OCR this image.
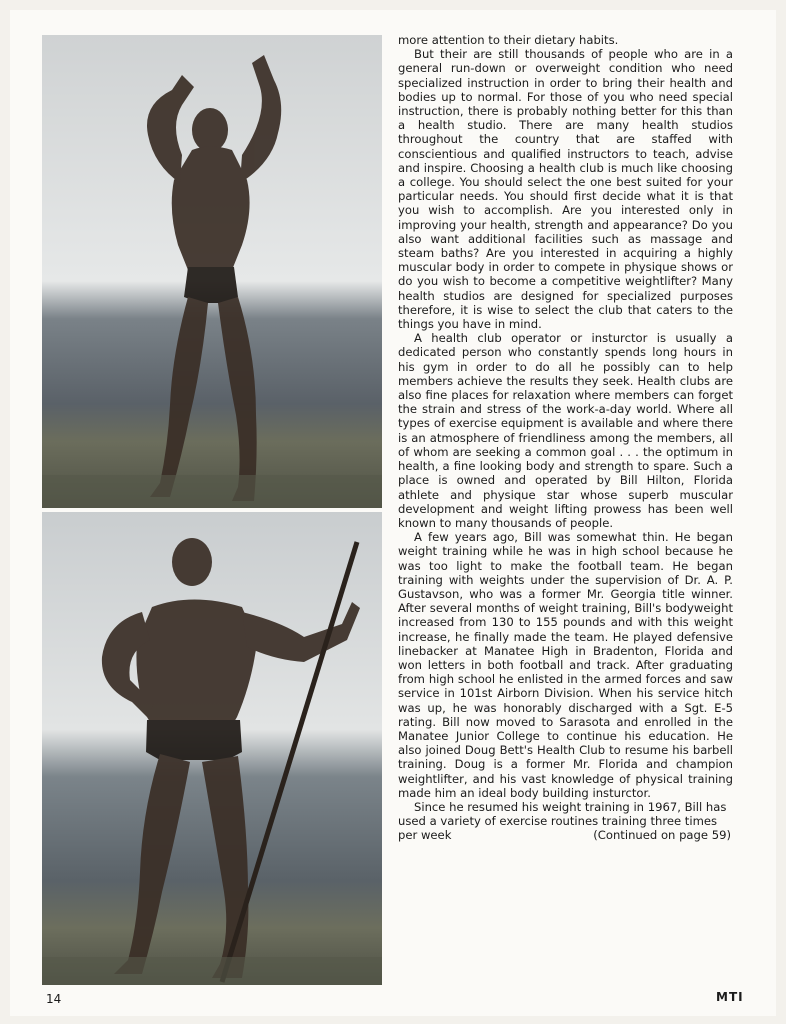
more attention to their dietary habits.

But their are still thousands of people who are in a general run-down or overweight condition who need specialized instruction in order to bring their health and bodies up to normal. For those of you who need special instruction, there is probably nothing better for this than a health studio. There are many health studios throughout the country that are staffed with conscientious and qualified instructors to teach, advise and inspire. Choosing a health club is much like choosing a college. You should select the one best suited for your particular needs. You should first decide what it is that you wish to accomplish. Are you interested only in improving your health, strength and appearance? Do you also want additional facilities such as massage and steam baths? Are you interested in acquiring a highly muscular body in order to compete in physique shows or do you wish to become a competitive weightlifter? Many health studios are designed for specialized purposes therefore, it is wise to select the club that caters to the things you have in mind.

A health club operator or insturctor is usually a dedicated person who constantly spends long hours in his gym in order to do all he possibly can to help members achieve the results they seek. Health clubs are also fine places for relaxation where members can forget the strain and stress of the work-a-day world. Where all types of exercise equipment is available and where there is an atmosphere of friendliness among the members, all of whom are seeking a common goal . . . the optimum in health, a fine looking body and strength to spare. Such a place is owned and operated by Bill Hilton, Florida athlete and physique star whose superb muscular development and weight lifting prowess has been well known to many thousands of people.

A few years ago, Bill was somewhat thin. He began weight training while he was in high school because he was too light to make the football team. He began training with weights under the supervision of Dr. A. P. Gustavson, who was a former Mr. Georgia title winner. After several months of weight training, Bill's bodyweight increased from 130 to 155 pounds and with this weight increase, he finally made the team. He played defensive linebacker at Manatee High in Bradenton, Florida and won letters in both football and track. After graduating from high school he enlisted in the armed forces and saw service in 101st Airborn Division. When his service hitch was up, he was honorably discharged with a Sgt. E-5 rating. Bill now moved to Sarasota and enrolled in the Manatee Junior College to continue his education. He also joined Doug Bett's Health Club to resume his barbell training. Doug is a former Mr. Florida and champion weightlifter, and his vast knowledge of physical training made him an ideal body building insturctor.

Since he resumed his weight training in 1967, Bill has used a variety of exercise routines training three times per week	(Continued on page 59)

14	MTI
